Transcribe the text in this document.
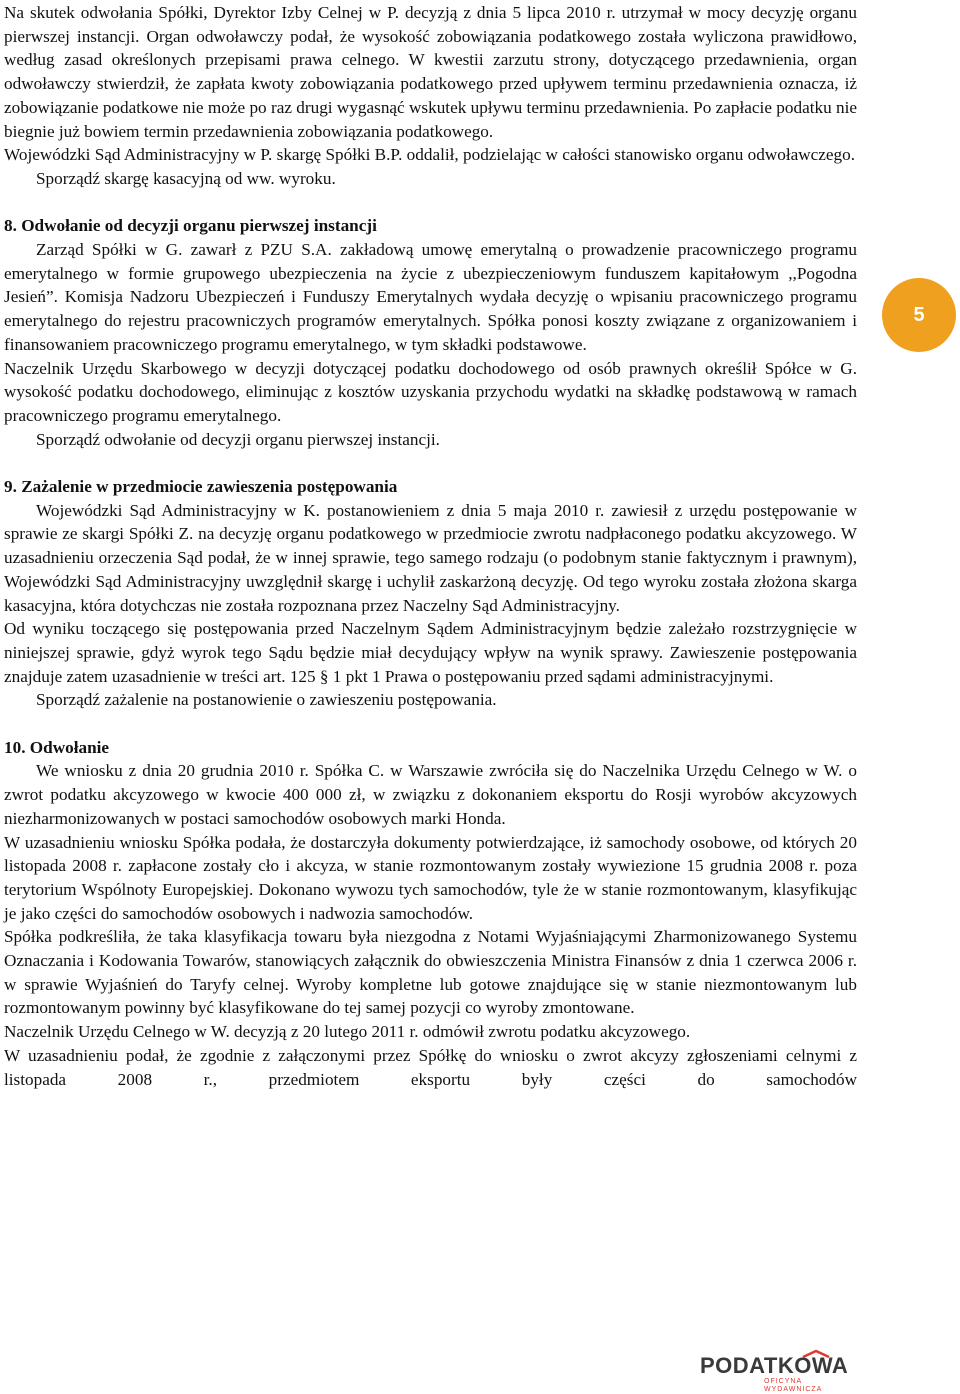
Na skutek odwołania Spółki, Dyrektor Izby Celnej w P. decyzją z dnia 5 lipca 2010 r. utrzymał w mocy decyzję organu pierwszej instancji. Organ odwoławczy podał, że wysokość zobowiązania podatkowego została wyliczona prawidłowo, według zasad określonych przepisami prawa celnego. W kwestii zarzutu strony, dotyczącego przedawnienia, organ odwoławczy stwierdził, że zapłata kwoty zobowiązania podatkowego przed upływem terminu przedawnienia oznacza, iż zobowiązanie podatkowe nie może po raz drugi wygasnąć wskutek upływu terminu przedawnienia. Po zapłacie podatku nie biegnie już bowiem termin przedawnienia zobowiązania podatkowego.

Wojewódzki Sąd Administracyjny w P. skargę Spółki B.P. oddalił, podzielając w całości stanowisko organu odwoławczego.

Sporządź skargę kasacyjną od ww. wyroku.

8. Odwołanie od decyzji organu pierwszej instancji

Zarząd Spółki w G. zawarł z PZU S.A. zakładową umowę emerytalną o prowadzenie pracowniczego programu emerytalnego w formie grupowego ubezpieczenia na życie z ubezpieczeniowym funduszem kapitałowym ,,Pogodna Jesień”. Komisja Nadzoru Ubezpieczeń i Funduszy Emerytalnych wydała decyzję o wpisaniu pracowniczego programu emerytalnego do rejestru pracowniczych programów emerytalnych. Spółka ponosi koszty związane z organizowaniem i finansowaniem pracowniczego programu emerytalnego, w tym składki podstawowe.

Naczelnik Urzędu Skarbowego w decyzji dotyczącej podatku dochodowego od osób prawnych określił Spółce w G. wysokość podatku dochodowego, eliminując z kosztów uzyskania przychodu wydatki na składkę podstawową w ramach pracowniczego programu emerytalnego.

Sporządź odwołanie od decyzji organu pierwszej instancji.

9. Zażalenie w przedmiocie zawieszenia postępowania

Wojewódzki Sąd Administracyjny w K. postanowieniem z dnia 5 maja 2010 r. zawiesił z urzędu postępowanie w sprawie ze skargi Spółki Z. na decyzję organu podatkowego w przedmiocie zwrotu nadpłaconego podatku akcyzowego. W uzasadnieniu orzeczenia Sąd podał, że w innej sprawie, tego samego rodzaju (o podobnym stanie faktycznym i prawnym), Wojewódzki Sąd Administracyjny uwzględnił skargę i uchylił zaskarżoną decyzję. Od tego wyroku została złożona skarga kasacyjna, która dotychczas nie została rozpoznana przez Naczelny Sąd Administracyjny.

Od wyniku toczącego się postępowania przed Naczelnym Sądem Administracyjnym będzie zależało rozstrzygnięcie w niniejszej sprawie, gdyż wyrok tego Sądu będzie miał decydujący wpływ na wynik sprawy. Zawieszenie postępowania znajduje zatem uzasadnienie w treści art. 125 § 1 pkt 1 Prawa o postępowaniu przed sądami administracyjnymi.

Sporządź zażalenie na postanowienie o zawieszeniu postępowania.

10. Odwołanie

We wniosku z dnia 20 grudnia 2010 r. Spółka C. w Warszawie zwróciła się do Naczelnika Urzędu Celnego w W. o zwrot podatku akcyzowego w kwocie 400 000 zł, w związku z dokonaniem eksportu do Rosji wyrobów akcyzowych niezharmonizowanych w postaci samochodów osobowych marki Honda.

W uzasadnieniu wniosku Spółka podała, że dostarczyła dokumenty potwierdzające, iż samochody osobowe, od których 20 listopada 2008 r. zapłacone zostały cło i akcyza, w stanie rozmontowanym zostały wywiezione 15 grudnia 2008 r. poza terytorium Wspólnoty Europejskiej. Dokonano wywozu tych samochodów, tyle że w stanie rozmontowanym, klasyfikując je jako części do samochodów osobowych i nadwozia samochodów.

Spółka podkreśliła, że taka klasyfikacja towaru była niezgodna z Notami Wyjaśniającymi Zharmonizowanego Systemu Oznaczania i Kodowania Towarów, stanowiących załącznik do obwieszczenia Ministra Finansów z dnia 1 czerwca 2006 r. w sprawie Wyjaśnień do Taryfy celnej. Wyroby kompletne lub gotowe znajdujące się w stanie niezmontowanym lub rozmontowanym powinny być klasyfikowane do tej samej pozycji co wyroby zmontowane.

Naczelnik Urzędu Celnego w W. decyzją z 20 lutego 2011 r. odmówił zwrotu podatku akcyzowego.

W uzasadnieniu podał, że zgodnie z załączonymi przez Spółkę do wniosku o zwrot akcyzy zgłoszeniami celnymi z listopada 2008 r., przedmiotem eksportu były części do samochodów

5
PODATKOWA
OFICYNA WYDAWNICZA
